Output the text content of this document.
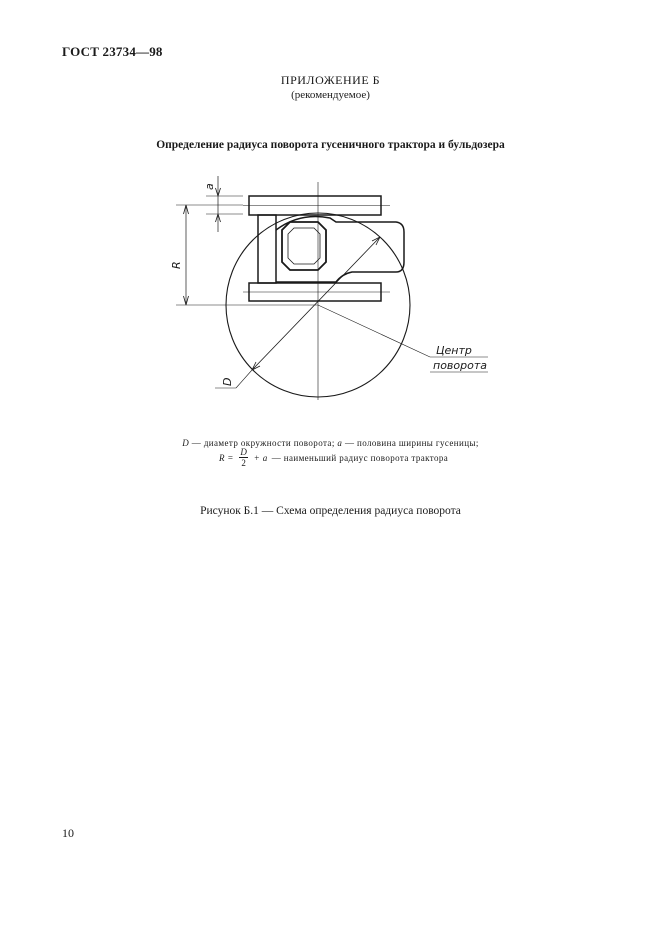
ГОСТ 23734—98
ПРИЛОЖЕНИЕ Б
(рекомендуемое)
Определение радиуса поворота гусеничного трактора и бульдозера
a
R
D
Центр
поворота
D — диаметр окружности поворота; a — половина ширины гусеницы;
$R = \frac{D}{2} + a$ — наименьший радиус поворота трактора
Рисунок Б.1 — Схема определения радиуса поворота
10
